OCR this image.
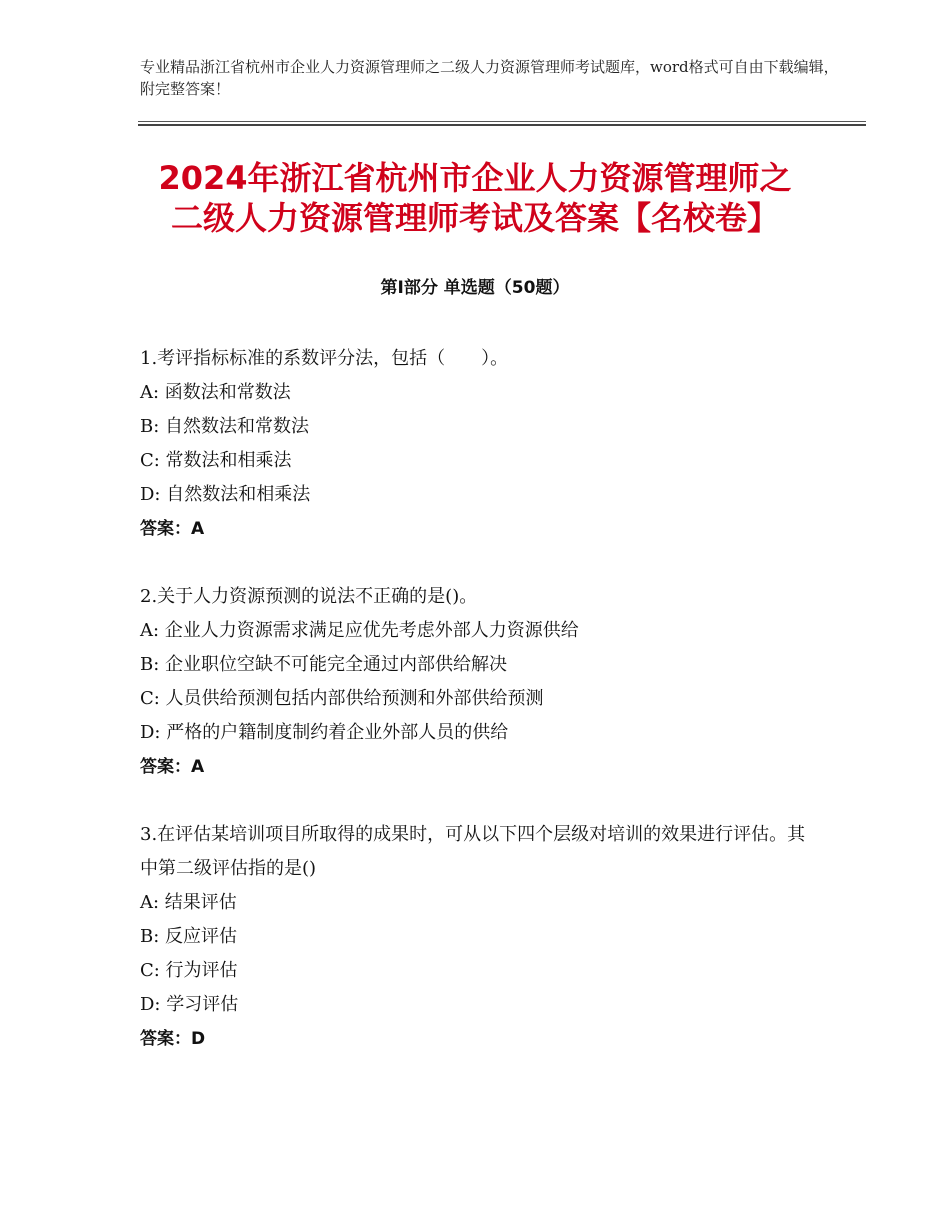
专业精品浙江省杭州市企业人力资源管理师之二级人力资源管理师考试题库，word格式可自由下载编辑，附完整答案！
2024年浙江省杭州市企业人力资源管理师之
二级人力资源管理师考试及答案【名校卷】
第Ⅰ部分 单选题（50题）
1.考评指标标准的系数评分法，包括（　　）。
A: 函数法和常数法
B: 自然数法和常数法
C: 常数法和相乘法
D: 自然数法和相乘法
答案：A
2.关于人力资源预测的说法不正确的是()。
A: 企业人力资源需求满足应优先考虑外部人力资源供给
B: 企业职位空缺不可能完全通过内部供给解决
C: 人员供给预测包括内部供给预测和外部供给预测
D: 严格的户籍制度制约着企业外部人员的供给
答案：A
3.在评估某培训项目所取得的成果时，可从以下四个层级对培训的效果进行评估。其中第二级评估指的是()
A: 结果评估
B: 反应评估
C: 行为评估
D: 学习评估
答案：D
